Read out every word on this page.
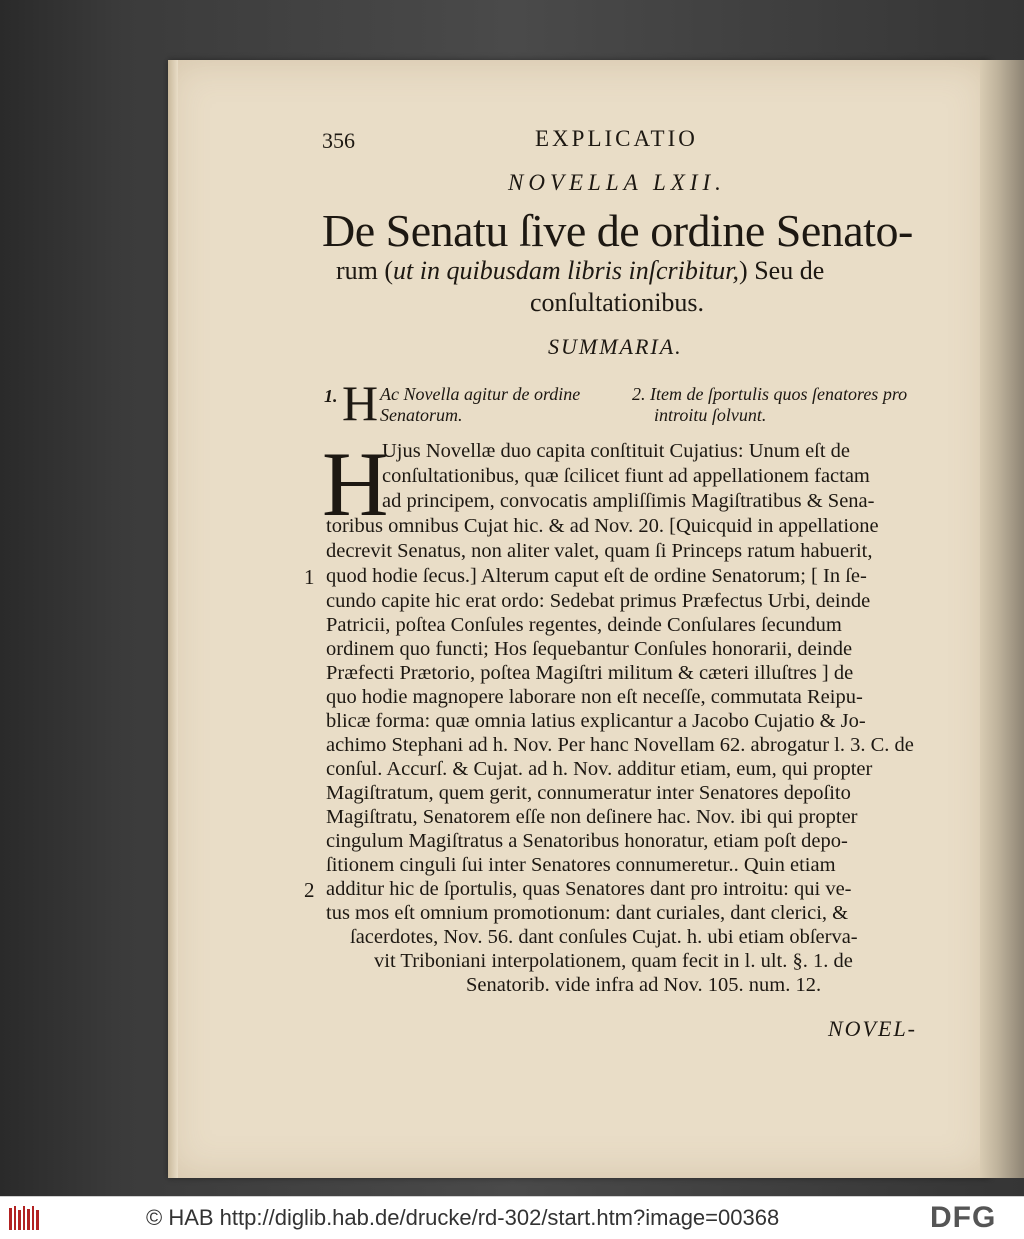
356	EXPLICATIO

NOVELLA LXII.

De Senatu ſive de ordine Senato-

rum (ut in quibusdam libris inſcribitur,) Seu de

conſultationibus.

SUMMARIA.

1. H Ac Novella agitur de ordine

Senatorum.

2. Item de ſportulis quos ſenatores pro

introitu ſolvunt.

H

Ujus Novellæ duo capita conſtituit Cujatius: Unum eſt de

conſultationibus, quæ ſcilicet fiunt ad appellationem factam

ad principem, convocatis ampliſſimis Magiſtratibus & Sena-

toribus omnibus Cujat hic. & ad Nov. 20. [Quicquid in appellatione

decrevit Senatus, non aliter valet, quam ſi Princeps ratum habuerit,

quod hodie ſecus.] Alterum caput eſt de ordine Senatorum; [ In ſe-

cundo capite hic erat ordo: Sedebat primus Præfectus Urbi, deinde

Patricii, poſtea Conſules regentes, deinde Conſulares ſecundum

ordinem quo functi; Hos ſequebantur Conſules honorarii, deinde

Præfecti Prætorio, poſtea Magiſtri militum & cæteri illuſtres ] de

quo hodie magnopere laborare non eſt neceſſe, commutata Reipu-

blicæ forma: quæ omnia latius explicantur a Jacobo Cujatio & Jo-

achimo Stephani ad h. Nov. Per hanc Novellam 62. abrogatur l. 3. C. de

conſul. Accurſ. & Cujat. ad h. Nov. additur etiam, eum, qui propter

Magiſtratum, quem gerit, connumeratur inter Senatores depoſito

Magiſtratu, Senatorem eſſe non deſinere hac. Nov. ibi qui propter

cingulum Magiſtratus a Senatoribus honoratur, etiam poſt depo-

ſitionem cinguli ſui inter Senatores connumeretur.. Quin etiam

additur hic de ſportulis, quas Senatores dant pro introitu: qui ve-

tus mos eſt omnium promotionum: dant curiales, dant clerici, &

ſacerdotes, Nov. 56. dant conſules Cujat. h. ubi etiam obſerva-

vit Triboniani interpolationem, quam fecit in l. ult. §. 1. de

Senatorib. vide infra ad Nov. 105. num. 12.

1

2

NOVEL-

© HAB http://diglib.hab.de/drucke/rd-302/start.htm?image=00368	DFG
